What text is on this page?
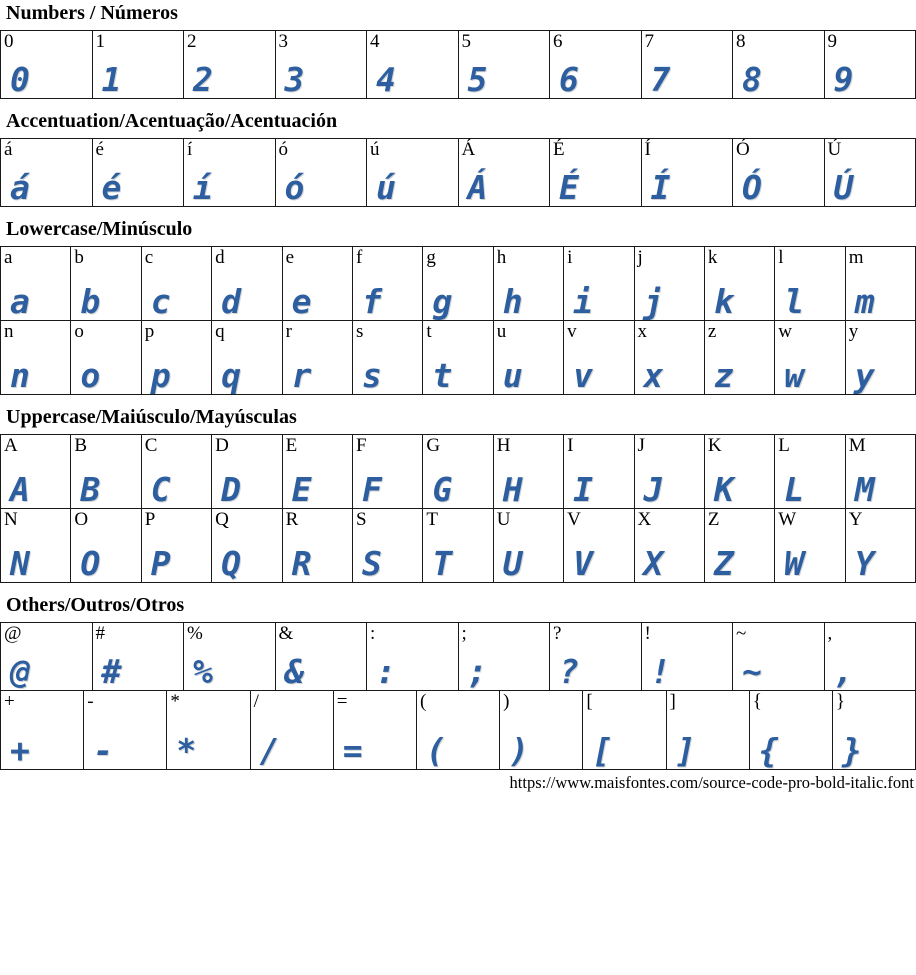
Numbers / Números
0
0
1
1
2
2
3
3
4
4
5
5
6
6
7
7
8
8
9
9
Accentuation/Acentuação/Acentuación
á
á
é
é
í
í
ó
ó
ú
ú
Á
Á
É
É
Í
Í
Ó
Ó
Ú
Ú
Lowercase/Minúsculo
a
a
b
b
c
c
d
d
e
e
f
f
g
g
h
h
i
i
j
j
k
k
l
l
m
m
n
n
o
o
p
p
q
q
r
r
s
s
t
t
u
u
v
v
x
x
z
z
w
w
y
y
Uppercase/Maiúsculo/Mayúsculas
A
A
B
B
C
C
D
D
E
E
F
F
G
G
H
H
I
I
J
J
K
K
L
L
M
M
N
N
O
O
P
P
Q
Q
R
R
S
S
T
T
U
U
V
V
X
X
Z
Z
W
W
Y
Y
Others/Outros/Otros
@
@
#
#
%
%
&
&
:
:
;
;
?
?
!
!
~
~
,
,
+
+
-
-
*
*
/
/
=
=
(
(
)
)
[
[
]
]
{
{
}
}
https://www.maisfontes.com/source-code-pro-bold-italic.font
